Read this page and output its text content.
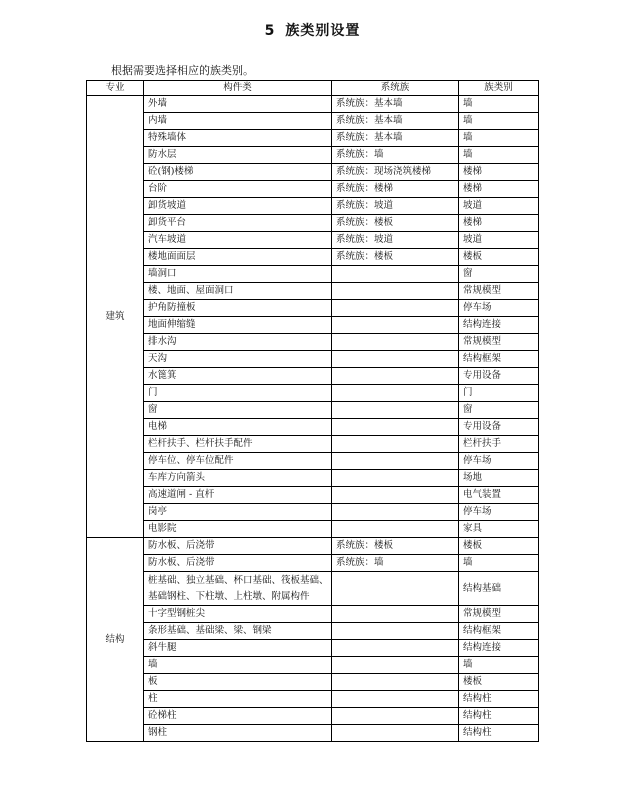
5 族类别设置
根据需要选择相应的族类别。
专业	构件类	系统族	族类别
建筑	外墙	系统族：基本墙	墙
	内墙	系统族：基本墙	墙
	特殊墙体	系统族：基本墙	墙
	防水层	系统族：墙	墙
	砼(钢)楼梯	系统族：现场浇筑楼梯	楼梯
	台阶	系统族：楼梯	楼梯
	卸货坡道	系统族：坡道	坡道
	卸货平台	系统族：楼板	楼梯
	汽车坡道	系统族：坡道	坡道
	楼地面面层	系统族：楼板	楼板
	墙洞口		窗
	楼、地面、屋面洞口		常规模型
	护角防撞板		停车场
	地面伸缩缝		结构连接
	排水沟		常规模型
	天沟		结构框架
	水篦箕		专用设备
	门		门
	窗		窗
	电梯		专用设备
	栏杆扶手、栏杆扶手配件		栏杆扶手
	停车位、停车位配件		停车场
	车库方向箭头		场地
	高速道闸 - 直杆		电气装置
	岗亭		停车场
	电影院		家具
结构	防水板、后浇带	系统族：楼板	楼板
	防水板、后浇带	系统族：墙	墙
	桩基础、独立基础、杯口基础、筏板基础、基础钢柱、下柱墩、上柱墩、附属构件		结构基础
	十字型钢桩尖		常规模型
	条形基础、基础梁、梁、钢梁		结构框架
	斜牛腿		结构连接
	墙		墙
	板		楼板
	柱		结构柱
	砼梯柱		结构柱
	钢柱		结构柱
